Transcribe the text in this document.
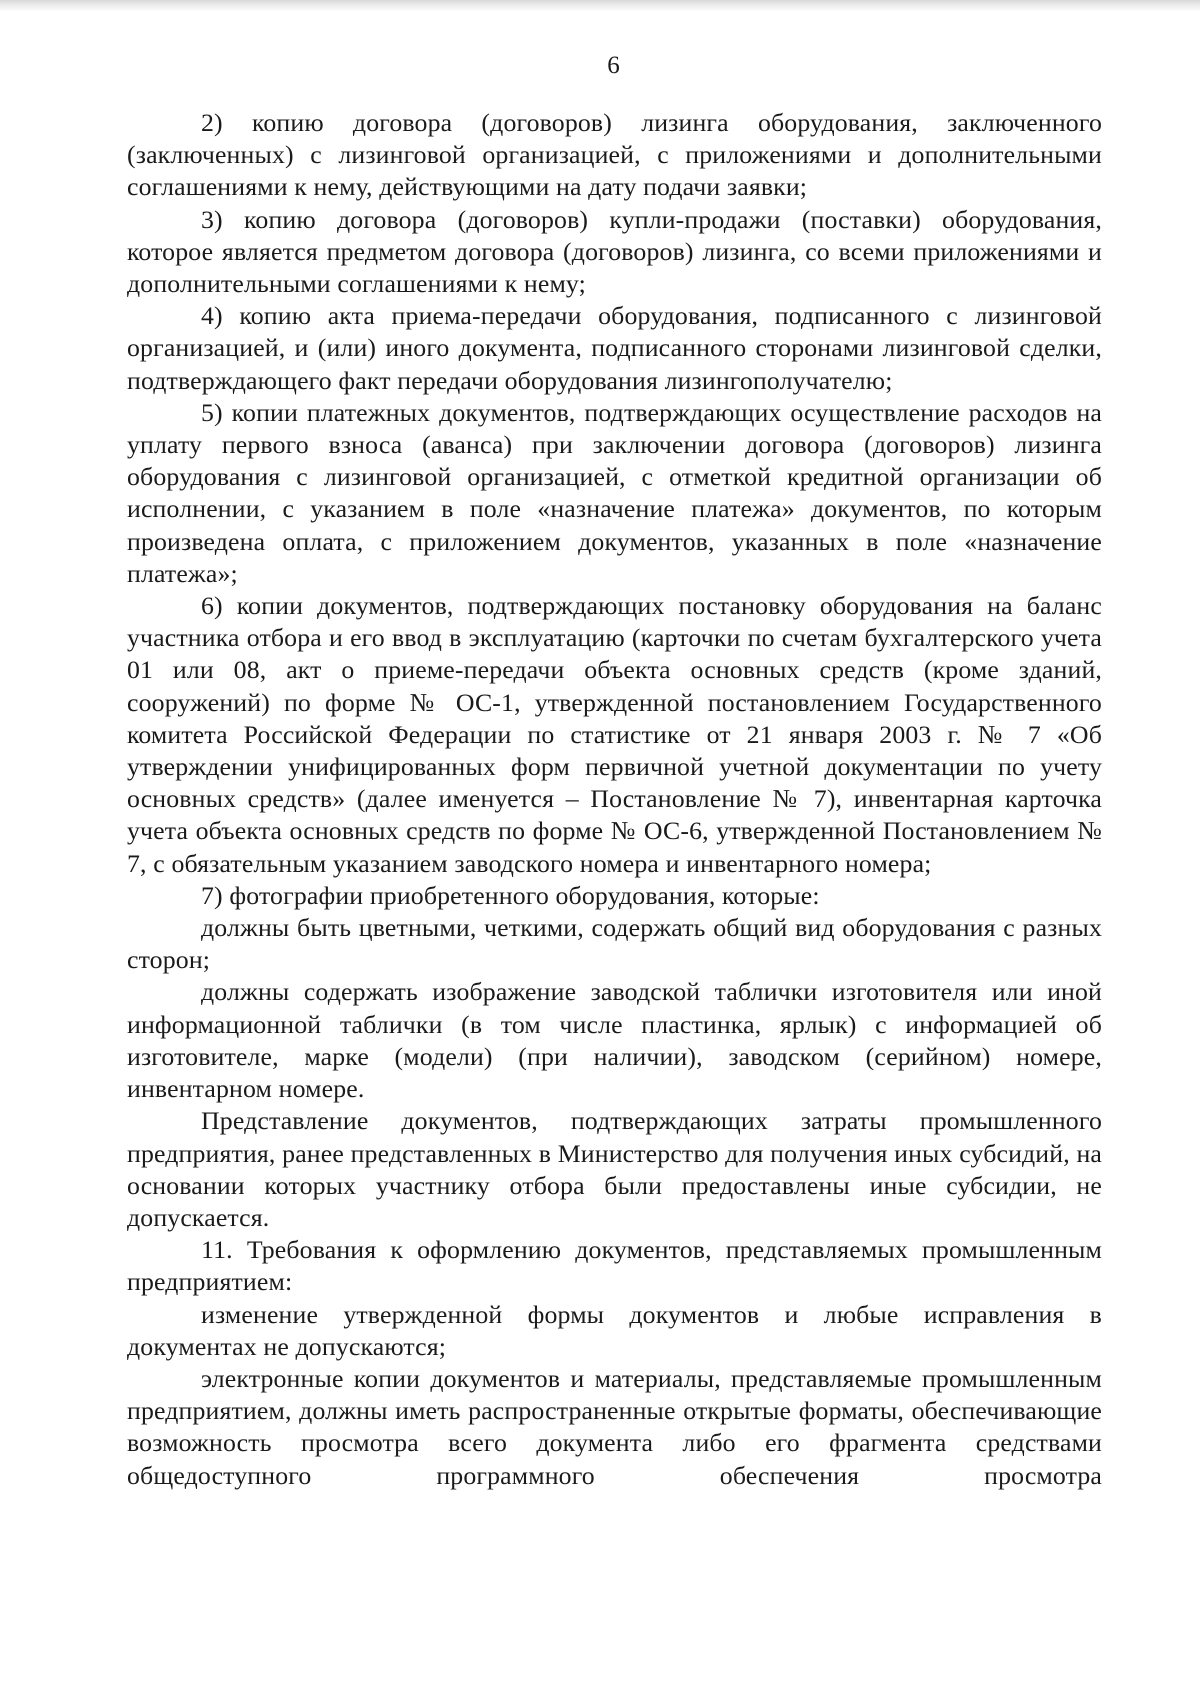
6

2) копию договора (договоров) лизинга оборудования, заключенного (заключенных) с лизинговой организацией, с приложениями и дополнительными соглашениями к нему, действующими на дату подачи заявки;

3) копию договора (договоров) купли-продажи (поставки) оборудования, которое является предметом договора (договоров) лизинга, со всеми приложениями и дополнительными соглашениями к нему;

4) копию акта приема-передачи оборудования, подписанного с лизинговой организацией, и (или) иного документа, подписанного сторонами лизинговой сделки, подтверждающего факт передачи оборудования лизингополучателю;

5) копии платежных документов, подтверждающих осуществление расходов на уплату первого взноса (аванса) при заключении договора (договоров) лизинга оборудования с лизинговой организацией, с отметкой кредитной организации об исполнении, с указанием в поле «назначение платежа» документов, по которым произведена оплата, с приложением документов, указанных в поле «назначение платежа»;

6) копии документов, подтверждающих постановку оборудования на баланс участника отбора и его ввод в эксплуатацию (карточки по счетам бухгалтерского учета 01 или 08, акт о приеме-передачи объекта основных средств (кроме зданий, сооружений) по форме № ОС-1, утвержденной постановлением Государственного комитета Российской Федерации по статистике от 21 января 2003 г. № 7 «Об утверждении унифицированных форм первичной учетной документации по учету основных средств» (далее именуется – Постановление № 7), инвентарная карточка учета объекта основных средств по форме № ОС-6, утвержденной Постановлением № 7, с обязательным указанием заводского номера и инвентарного номера;

7) фотографии приобретенного оборудования, которые:

должны быть цветными, четкими, содержать общий вид оборудования с разных сторон;

должны содержать изображение заводской таблички изготовителя или иной информационной таблички (в том числе пластинка, ярлык) с информацией об изготовителе, марке (модели) (при наличии), заводском (серийном) номере, инвентарном номере.

Представление документов, подтверждающих затраты промышленного предприятия, ранее представленных в Министерство для получения иных субсидий, на основании которых участнику отбора были предоставлены иные субсидии, не допускается.

11. Требования к оформлению документов, представляемых промышленным предприятием:

изменение утвержденной формы документов и любые исправления в документах не допускаются;

электронные копии документов и материалы, представляемые промышленным предприятием, должны иметь распространенные открытые форматы, обеспечивающие возможность просмотра всего документа либо его фрагмента средствами общедоступного программного обеспечения просмотра
